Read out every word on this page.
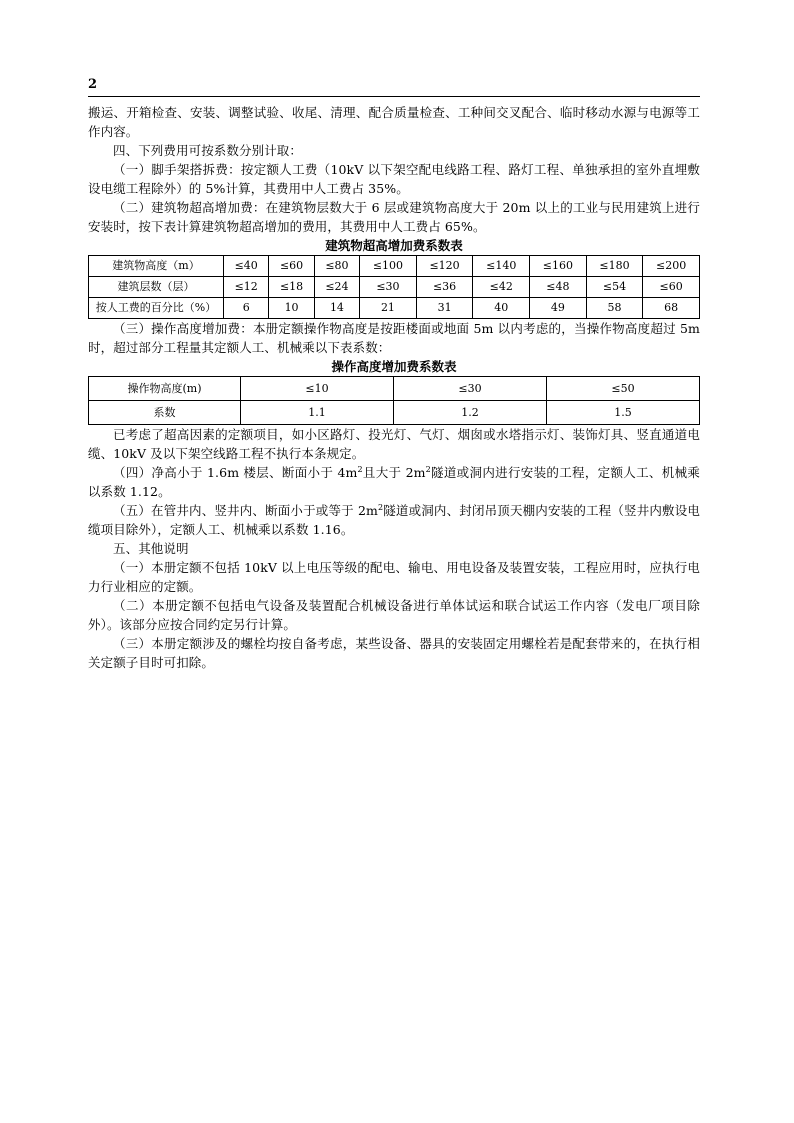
2

搬运、开箱检查、安装、调整试验、收尾、清理、配合质量检查、工种间交叉配合、临时移动水源与电源等工作内容。

四、下列费用可按系数分别计取：

（一）脚手架搭拆费：按定额人工费（10kV 以下架空配电线路工程、路灯工程、单独承担的室外直埋敷设电缆工程除外）的 5%计算，其费用中人工费占 35%。

（二）建筑物超高增加费：在建筑物层数大于 6 层或建筑物高度大于 20m 以上的工业与民用建筑上进行安装时，按下表计算建筑物超高增加的费用，其费用中人工费占 65%。

建筑物超高增加费系数表
建筑物高度（m）	≤40	≤60	≤80	≤100	≤120	≤140	≤160	≤180	≤200
建筑层数（层）	≤12	≤18	≤24	≤30	≤36	≤42	≤48	≤54	≤60
按人工费的百分比（%）	6	10	14	21	31	40	49	58	68

（三）操作高度增加费：本册定额操作物高度是按距楼面或地面 5m 以内考虑的，当操作物高度超过 5m 时，超过部分工程量其定额人工、机械乘以下表系数：

操作高度增加费系数表
操作物高度(m)	≤10	≤30	≤50
系数	1.1	1.2	1.5

已考虑了超高因素的定额项目，如小区路灯、投光灯、气灯、烟囱或水塔指示灯、装饰灯具、竖直通道电缆、10kV 及以下架空线路工程不执行本条规定。

（四）净高小于 1.6m 楼层、断面小于 $4m^2$且大于 $2m^2$隧道或洞内进行安装的工程，定额人工、机械乘以系数 1.12。

（五）在管井内、竖井内、断面小于或等于 $2m^2$隧道或洞内、封闭吊顶天棚内安装的工程（竖井内敷设电缆项目除外），定额人工、机械乘以系数 1.16。

五、其他说明

（一）本册定额不包括 10kV 以上电压等级的配电、输电、用电设备及装置安装，工程应用时，应执行电力行业相应的定额。

（二）本册定额不包括电气设备及装置配合机械设备进行单体试运和联合试运工作内容（发电厂项目除外）。该部分应按合同约定另行计算。

（三）本册定额涉及的螺栓均按自备考虑，某些设备、器具的安装固定用螺栓若是配套带来的，在执行相关定额子目时可扣除。
